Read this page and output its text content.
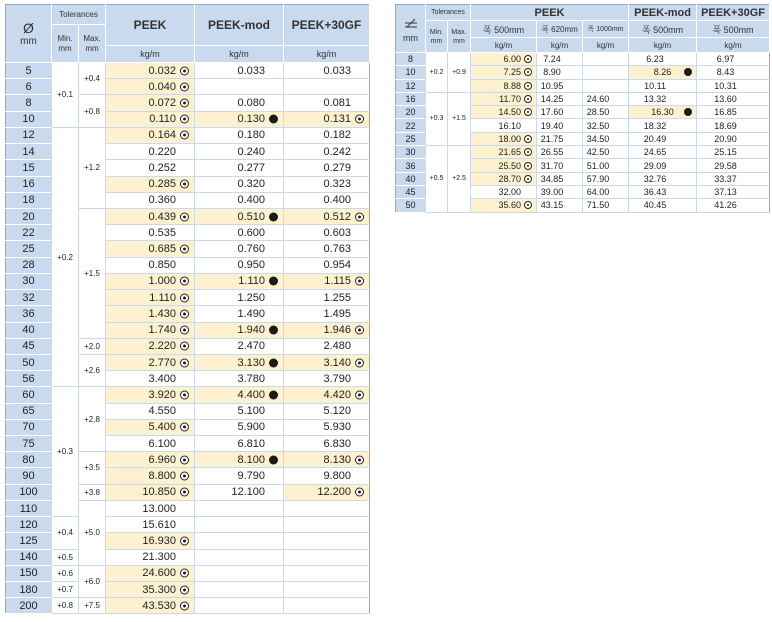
Ø
mm	Tolerances		PEEK	PEEK-mod	PEEK+30GF
	Min.
mm	Max.
mm			
			kg/m	kg/m	kg/m
5	+0.1	+0.4	0.032	0.033	0.033
6			0.040

8		+0.8	0.072	0.080	0.081
10			0.110	0.130	0.131

12	+0.2	+1.2	0.164	0.180	0.182
14			0.220	0.240	0.242
15			0.252	0.277	0.279
16			0.285	0.320	0.323
18			0.360	0.400	0.400
20		+1.5	0.439	0.510	0.512

22			0.535	0.600	0.603
25			0.685	0.760	0.763
28			0.850	0.950	0.954
30			1.000	1.110	1.115

32			1.110	1.250	1.255
36			1.430	1.490	1.495
40			1.740	1.940	1.946

45		+2.0	2.220	2.470	2.480
50		+2.6	2.770	3.130	3.140

56			3.400	3.780	3.790
60	+0.3	+2.8	3.920	4.400	4.420

65			4.550	5.100	5.120
70			5.400	5.900	5.930
75			6.100	6.810	6.830
80		+3.5	6.960	8.100	8.130

90			8.800	9.790	9.800
100		+3.8	10.850	12.100	12.200

110		+5.0	13.000		
120	+0.4		15.610		
125			16.930

140	+0.5		21.300		
150	+0.6	+6.0	24.600

180	+0.7		35.300

200	+0.8	+7.5	43.530

mm	Tolerances		PEEK			PEEK-mod	PEEK+30GF
	Min.
mm	Max.
mm	폭 500mm	폭 620mm	폭 1000mm	폭 500mm	폭 500mm
			kg/m	kg/m	kg/m	kg/m	kg/m
8	+0.2	+0.9	6.00	7.24		6.23	6.97
10			7.25	8.90		8.26	8.43
12			8.88	10.95		10.11	10.31
16	+0.3	+1.5	11.70	14.25	24.60	13.32	13.60
20			14.50	17.60	28.50	16.30	16.85
22			16.10	19.40	32.50	18.32	18.69
25			18.00	21.75	34.50	20.49	20.90
30	+0.5	+2.5	21.65	26.55	42.50	24.65	25.15
36			25.50	31.70	51.00	29.09	29.58
40			28.70	34.85	57.90	32.76	33.37
45			32.00	39.00	64.00	36.43	37.13
50			35.60	43.15	71.50	40.45	41.26
